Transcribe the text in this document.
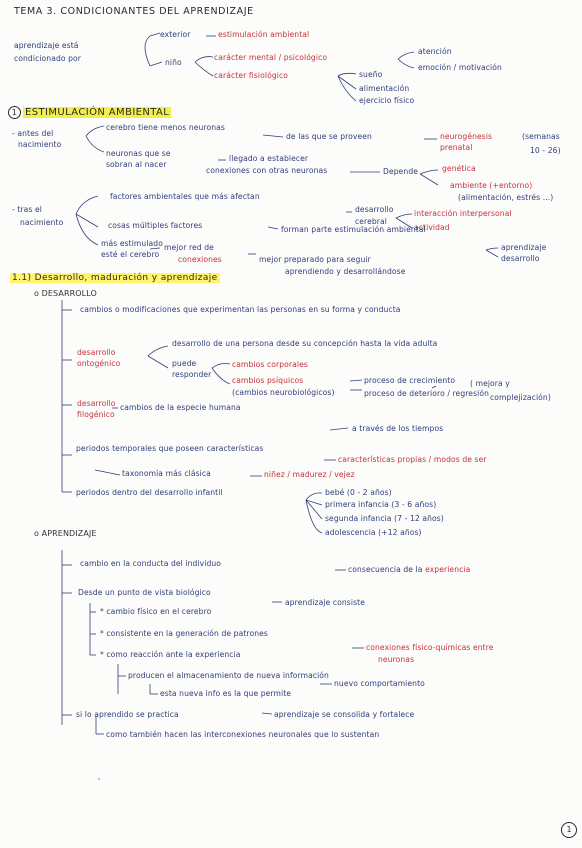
TEMA 3. CONDICIONANTES DEL APRENDIZAJE
aprendizaje está
condicionado por
exterior	estimulación ambiental
niño
carácter mental / psicológico
atención
emoción / motivación
carácter fisiológico	sueño
alimentación
ejercicio físico
1 ESTIMULACIÓN AMBIENTAL
- antes del
nacimiento
cerebro tiene menos neuronas
de las que se proveen	neurogénesis
prenatal
(semanas
10 - 26)
neuronas que se
sobran al nacer
llegado a establecer
conexiones con otras neuronas	Depende	genética
ambiente (+entorno)
(alimentación, estrés ...)
- tras el
nacimiento
factores ambientales que más afectan
desarrollo
cerebral
interacción interpersonal
actividad
cosas múltiples factores	forman parte estimulación ambiental
aprendizaje
desarrollo
más estimulado
esté el cerebro
mejor red de
conexiones	mejor preparado para seguir
aprendiendo y desarrollándose
1.1) Desarrollo, maduración y aprendizaje
o DESARROLLO
cambios o modificaciones que experimentan las personas en su forma y conducta
desarrollo
ontogénico
desarrollo de una persona desde su concepción hasta la vida adulta
puede
responder
cambios corporales
cambios psíquicos
(cambios neurobiológicos)
proceso de crecimiento ( mejora y
complejización)
proceso de deterioro / regresión
desarrollo
filogénico
cambios de la especie humana
a través de los tiempos
periodos temporales que poseen características
características propias / modos de ser
taxonomía más clásica	niñez / madurez / vejez
periodos dentro del desarrollo infantil	bebé (0 - 2 años)
primera infancia (3 - 6 años)
segunda infancia (7 - 12 años)
adolescencia (+12 años)
o APRENDIZAJE
cambio en la conducta del individuo
consecuencia de la experiencia
Desde un punto de vista biológico
aprendizaje consiste
* cambio físico en el cerebro
* consistente en la generación de patrones
conexiones físico-químicas entre
neuronas
* como reacción ante la experiencia
producen el almacenamiento de nueva información
esta nueva info es la que permite
nuevo comportamiento
si lo aprendido se practica	aprendizaje se consolida y fortalece
como también hacen las interconexiones neuronales que lo sustentan
1
